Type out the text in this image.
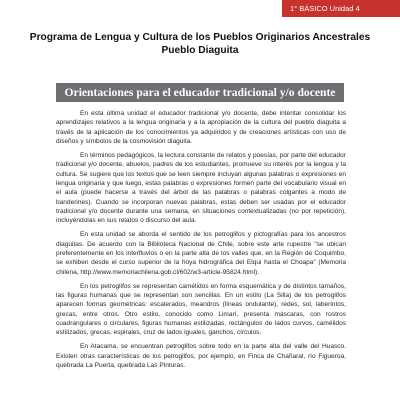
1° BÁSICO Unidad 4
Programa de Lengua y Cultura de los Pueblos Originarios Ancestrales
Pueblo Diaguita
Orientaciones para el educador tradicional y/o docente

En esta última unidad el educador tradicional y/o docente, debe intentar consolidar los aprendizajes relativos a la lengua originaria y a la apropiación de la cultura del pueblo diaguita a través de la aplicación de los conocimientos ya adquiridos y de creaciones artísticas con uso de diseños y símbolos de la cosmovisión diaguita.

En términos pedagógicos, la lectura constante de relatos y poesías, por parte del educador tradicional y/o docente, abuelos, padres de los estudiantes, promueve su interés por la lengua y la cultura. Se sugiere que los textos que se leen siempre incluyan algunas palabras o expresiones en lengua originaria y que luego, estas palabras o expresiones formen parte del vocabulario visual en el aula (puede hacerse a través del árbol de las palabras o palabras colgantes a modo de banderines). Cuando se incorporan nuevas palabras, estas deben ser usadas por el educador tradicional y/o docente durante una semana, en situaciones contextualizadas (no por repetición), incluyéndolas en sus relatos o discurso del aula.

En esta unidad se aborda el sentido de los petroglifos y pictografías para los ancestros diaguitas. De acuerdo con la Biblioteca Nacional de Chile, sobre este arte rupestre "se ubican preferentemente en los interfluvios o en la parte alta de los valles que, en la Región de Coquimbo, se exhiben desde el curso superior de la hoya hidrográfica del Elqui hasta el Choapa" (Memoria chilena, http://www.memoriachilena.gob.cl/602/w3-article-95824.html).

En los petroglifos se representan camélidos en forma esquemática y de distintos tamaños, las figuras humanas que se representan son sencillas. En un estilo (La Silla) de los petroglifos aparecen formas geométricas: escalerados, meandros (líneas ondulante), redes, sol, laberintos, grecas, entre otros. Otro estilo, conocido como Limarí, presenta máscaras, con rostros cuadrangulares o circulares, figuras humanas estilizadas, rectángulos de lados curvos, camélidos estilizados, grecas, espirales, cruz de lados iguales, ganchos, círculos.

En Atacama, se encuentran petroglifos sobre todo en la parte alta del valle del Huasco. Existen otras características de los petroglifos, por ejemplo, en Finca de Chañaral, río Figueroa, quebrada La Puerta, quebrada Las Pinturas.
